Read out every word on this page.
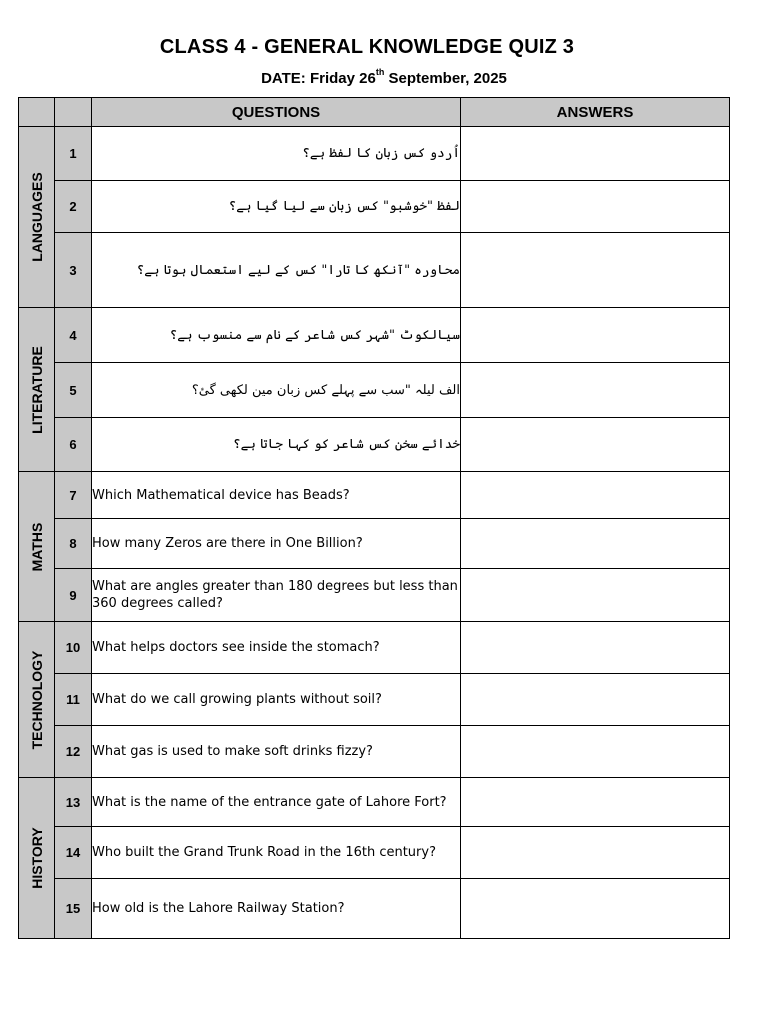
CLASS 4 - GENERAL KNOWLEDGE QUIZ 3
DATE: Friday 26th September, 2025
		QUESTIONS	ANSWERS

LANGUAGES	1	اُردو کس زبان کا لفظ ہے؟	
	2	لفظ "خوشبو" کس زبان سے لیا گیا ہے؟	
	3	محاورہ "آنکھ کا تارا" کس کے لیے استعمال ہوتا ہے؟	

LITERATURE	4	سیالکوٹ "شہر کس شاعر کے نام سے منسوب ہے؟	
	5	الف لیلہ "سب سے پہلے کس زبان مین لکھی گئ؟	
	6	خدائے سخن کس شاعر کو کہا جاتا ہے؟	

MATHS	7	Which Mathematical device has Beads?	
	8	How many Zeros are there in One Billion?	
	9	What are angles greater than 180 degrees but less than 360 degrees called?	

TECHNOLOGY	10	What helps doctors see inside the stomach?	
	11	What do we call growing plants without soil?	
	12	What gas is used to make soft drinks fizzy?	

HISTORY	13	What is the name of the entrance gate of Lahore Fort?	
	14	Who built the Grand Trunk Road in the 16th century?	
	15	How old is the Lahore Railway Station?	
